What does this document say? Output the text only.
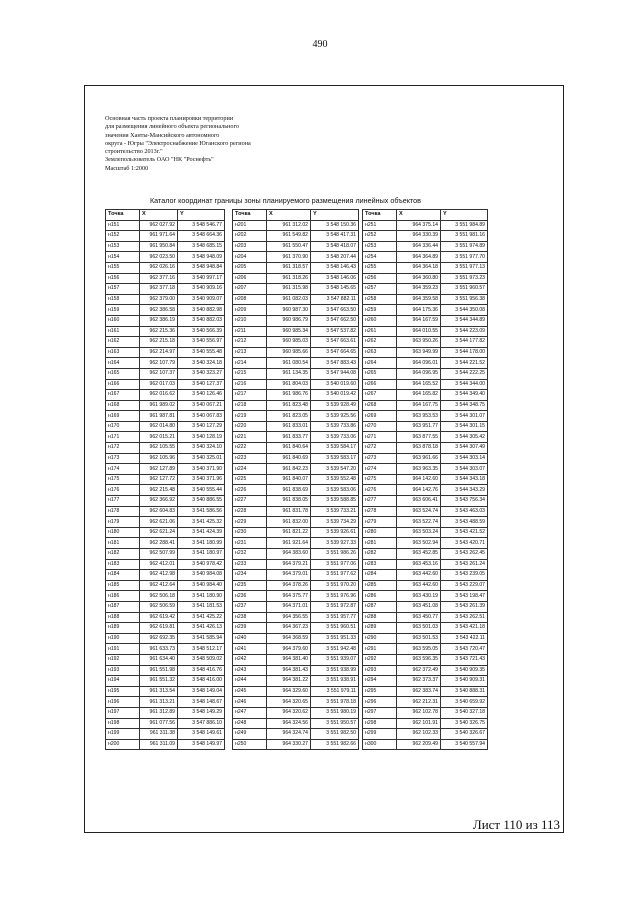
490
Основная часть проекта планировки территории
для размещения линейного объекта регионального
значения Ханты-Мансийского автономного
округа - Югры "Электроснабжение Юганского региона
строительство 2013г."
Землепользователь ОАО "НК "Роснефть"
Масштаб 1:2000
Каталог координат границы зоны планируемого размещения линейных объектов
Точка	X	Y
н151	962 027.92	3 548 546.77
н152	961 971.64	3 548 664.36
н153	961 950.84	3 548 685.15
н154	962 023.50	3 548 948.09
н155	962 026.16	3 548 948.84
н156	962 377.16	3 540 997.17
н157	962 377.18	3 540 909.16
н158	962 379.00	3 540 909.07
н159	962 386.58	3 540 882.98
н160	962 386.19	3 540 882.03
н161	962 215.36	3 540 566.39
н162	962 215.18	3 540 556.97
н163	962 214.97	3 540 555.48
н164	962 107.79	3 540 324.18
н165	962 107.37	3 540 323.27
н166	962 017.03	3 540 127.37
н167	962 016.62	3 540 126.46
н168	961 989.02	3 540 067.21
н169	961 987.81	3 540 067.83
н170	962 014.80	3 540 127.29
н171	962 015.21	3 540 128.19
н172	962 105.55	3 540 324.10
н173	962 105.96	3 540 325.01
н174	962 127.89	3 540 371.90
н175	962 127.72	3 540 371.96
н176	962 215.48	3 540 555.44
н177	962 366.92	3 540 886.55
н178	962 604.83	3 541 586.56
н179	962 621.06	3 541 425.32
н180	962 621.24	3 541 424.39
н181	962 288.41	3 541 180.99
н182	962 507.99	3 541 180.97
н183	962 412.01	3 540 978.42
н184	962 412.98	3 540 984.08
н185	962 412.64	3 540 984.40
н186	962 506.18	3 541 180.90
н187	962 506.59	3 541 181.53
н188	962 619.42	3 541 425.22
н189	962 619.81	3 541 426.13
н190	962 692.35	3 541 585.94
н191	961 633.73	3 548 512.17
н192	961 634.40	3 548 509.02
н193	961 551.98	3 548 416.76
н194	961 551.32	3 548 416.00
н195	961 313.54	3 548 149.04
н196	961 313.21	3 548 148.67
н197	961 312.89	3 548 149.29
н198	961 077.56	3 547 886.10
н199	961 311.38	3 548 149.61
н200	961 311.09	3 548 149.97
Точка	X	Y
н201	961 312.02	3 548 150.36
н202	961 549.82	3 548 417.31
н203	961 550.47	3 548 418.07
н204	961 370.90	3 548 207.44
н205	961 318.57	3 548 146.43
н206	961 318.26	3 548 146.06
н207	961 315.98	3 548 145.65
н208	961 082.03	3 547 882.11
н209	960 987.30	3 547 663.50
н210	960 986.79	3 547 662.50
н211	960 985.34	3 547 537.82
н212	960 985.03	3 547 663.61
н213	960 985.66	3 547 664.65
н214	961 080.54	3 547 883.43
н215	961 134.35	3 547 944.08
н216	961 804.03	3 540 019.60
н217	961 986.76	3 540 019.42
н218	961 823.48	3 539 928.49
н219	961 823.05	3 539 925.56
н220	961 833.01	3 539 733.86
н221	961 833.77	3 539 733.06
н222	961 840.64	3 539 584.17
н223	961 840.69	3 539 583.17
н224	961 842.23	3 539 547.20
н225	961 840.07	3 539 552.48
н226	961 838.69	3 539 583.06
н227	961 838.05	3 539 588.85
н228	961 831.78	3 539 733.21
н229	961 832.00	3 539 734.29
н230	961 821.22	3 539 926.61
н231	961 921.64	3 539 927.33
н232	964 383.60	3 551 986.26
н233	964 379.21	3 551 977.06
н234	964 379.01	3 551 977.62
н235	964 378.26	3 551 970.20
н236	964 375.77	3 551 976.96
н237	964 371.01	3 551 972.87
н238	964 356.55	3 551 957.77
н239	964 367.23	3 551 960.51
н240	964 368.59	3 551 951.33
н241	964 379.60	3 551 942.48
н242	964 381.40	3 551 939.07
н243	964 381.43	3 551 938.99
н244	964 381.22	3 551 938.91
н245	964 329.60	3 551 979.11
н246	964 320.65	3 551 978.18
н247	964 320.62	3 551 980.19
н248	964 324.56	3 551 950.57
н249	964 324.74	3 551 982.50
н250	964 330.27	3 551 982.66
Точка	X	Y
н251	964 375.14	3 551 984.89
н252	964 330.39	3 551 981.16
н253	964 336.44	3 551 974.89
н254	964 364.89	3 551 977.70
н255	964 364.18	3 551 977.13
н256	964 360.80	3 551 973.23
н257	964 359.23	3 551 960.57
н258	964 359.58	3 551 956.38
н259	964 175.36	3 544 350.08
н260	964 167.59	3 544 344.89
н261	964 010.55	3 544 223.09
н262	963 950.26	3 544 177.82
н263	963 949.99	3 544 178.00
н264	964 096.01	3 544 221.52
н265	964 096.95	3 544 222.25
н266	964 165.52	3 544 344.00
н267	964 165.82	3 544 349.40
н268	964 167.75	3 544 348.75
н269	963 953.53	3 544 301.07
н270	963 951.77	3 544 301.15
н271	963 877.55	3 544 305.42
н272	963 878.18	3 544 307.49
н273	963 961.66	3 544 303.14
н274	963 963.35	3 544 303.07
н275	964 142.60	3 544 343.18
н276	964 142.76	3 544 343.29
н277	963 606.41	3 543 756.34
н278	963 524.74	3 543 463.03
н279	963 522.74	3 543 488.59
н280	963 503.24	3 543 421.52
н281	963 502.94	3 543 420.71
н282	963 452.85	3 543 262.45
н283	963 453.16	3 543 261.24
н284	963 442.60	3 543 239.05
н285	963 442.60	3 543 229.07
н286	963 430.19	3 543 198.47
н287	963 451.08	3 543 261.39
н288	963 450.77	3 543 262.51
н289	963 501.03	3 543 421.18
н290	963 501.53	3 543 422.11
н291	963 595.05	3 543 720.47
н292	963 596.35	3 543 721.43
н293	962 372.49	3 540 909.35
н294	962 373.37	3 540 909.31
н295	962 383.74	3 540 888.31
н296	962 212.31	3 540 659.92
н297	962 102.78	3 540 327.18
н298	962 101.91	3 540 326.75
н299	962 102.33	3 540 326.67
н300	962 209.49	3 540 557.94
Лист 110 из 113
